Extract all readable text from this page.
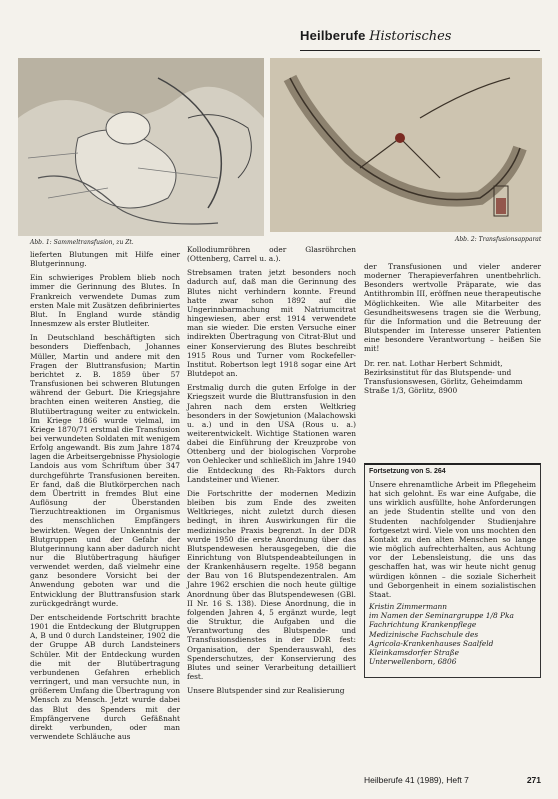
Heilberufe Historisches
Abb. 1: Sammeltransfusion, zu Zt.	Abb. 2: Transfusionsapparat

lieferten Blutungen mit Hilfe einer Blutgerinnung.

Ein schwieriges Problem blieb noch immer die Gerinnung des Blutes. In Frankreich verwendete Dumas zum ersten Male mit Zusätzen defibriniertes Blut. In England wurde ständig Innesmzew als erster Blutleiter.

In Deutschland beschäftigten sich besonders Dieffenbach, Johannes Müller, Martin und andere mit den Fragen der Bluttransfusion; Martin berichtet z. B. 1859 über 57 Transfusionen bei schweren Blutungen während der Geburt. Die Kriegsjahre brachten einen weiteren Anstieg, die Blutübertragung weiter zu entwickeln. Im Kriege 1866 wurde vielmal, im Kriege 1870/71 erstmal die Transfusion bei verwundeten Soldaten mit wenigem Erfolg angewandt. Bis zum Jahre 1874 lagen die Arbeitsergebnisse Physiologie Landois aus vom Schriftum über 347 durchgeführte Transfusionen bereiten. Er fand, daß die Blutkörperchen nach dem Übertritt in fremdes Blut eine Auflösung der Überstanden Tierzuchtreaktionen im Organismus des menschlichen Empfängers bewirkten. Wegen der Unkenntnis der Blutgruppen und der Gefahr der Blutgerinnung kann aber dadurch nicht nur die Blutübertragung häufiger verwendet werden, daß vielmehr eine ganz besondere Vorsicht bei der Anwendung geboten war und die Entwicklung der Bluttransfusion stark zurückgedrängt wurde.

Der entscheidende Fortschritt brachte 1901 die Entdeckung der Blutgruppen A, B und 0 durch Landsteiner, 1902 die der Gruppe AB durch Landsteiners Schüler. Mit der Entdeckung wurden die mit der Blutübertragung verbundenen Gefahren erheblich verringert, und man versuchte nun, in größerem Umfang die Übertragung von Mensch zu Mensch. Jetzt wurde dabei das Blut des Spenders mit der Empfängervene durch Gefäßnaht direkt verbunden, oder man verwendete Schläuche aus

Kollodiumröhren oder Glasröhrchen (Ottenberg, Carrel u. a.).

Strebsamen traten jetzt besonders noch dadurch auf, daß man die Gerinnung des Blutes nicht verhindern konnte. Freund hatte zwar schon 1892 auf die Ungerinnbarmachung mit Natriumcitrat hingewiesen, aber erst 1914 verwendete man sie wieder. Die ersten Versuche einer indirekten Übertragung von Citrat-Blut und einer Konservierung des Blutes beschreibt 1915 Rous und Turner vom Rockefeller-Institut. Robertson legt 1918 sogar eine Art Blutdepot an.

Erstmalig durch die guten Erfolge in der Kriegszeit wurde die Bluttransfusion in den Jahren nach dem ersten Weltkrieg besonders in der Sowjetunion (Malachowski u. a.) und in den USA (Rous u. a.) weiterentwickelt. Wichtige Stationen waren dabei die Einführung der Kreuzprobe von Ottenberg und der biologischen Vorprobe von Oehlecker und schließlich im Jahre 1940 die Entdeckung des Rh-Faktors durch Landsteiner und Wiener.

Die Fortschritte der modernen Medizin bleiben bis zum Ende des zweiten Weltkrieges, nicht zuletzt durch diesen bedingt, in ihren Auswirkungen für die medizinische Praxis begrenzt. In der DDR wurde 1950 die erste Anordnung über das Blutspendewesen herausgegeben, die die Einrichtung von Blutspendeabteilungen in der Krankenhäusern regelte. 1958 begann der Bau von 16 Blutspendezentralen. Am Jahre 1962 erschien die noch heute gültige Anordnung über das Blutspendewesen (GBl. II Nr. 16 S. 138). Diese Anordnung, die in folgenden Jahren 4, 5 ergänzt wurde, legt die Struktur, die Aufgaben und die Verantwortung des Blutspende- und Transfusionsdienstes in der DDR fest: Organisation, der Spenderauswahl, des Spenderschutzes, der Konservierung des Blutes und seiner Verarbeitung detailliert fest.

Unsere Blutspender sind zur Realisierung

der Transfusionen und vieler anderer moderner Therapieverfahren unentbehrlich. Besonders wertvolle Präparate, wie das Antithrombin III, eröffnen neue therapeutische Möglichkeiten. Wie alle Mitarbeiter des Gesundheitswesens tragen sie die Werbung, für die Information und die Betreuung der Blutspender im Interesse unserer Patienten eine besondere Verantwortung – heißen Sie mit!

Dr. rer. nat. Lothar Herbert Schmidt, Bezirksinstitut für das Blutspende- und Transfusionswesen, Görlitz, Geheimdamm Straße 1/3, Görlitz, 8900

Fortsetzung von S. 264
Unsere ehrenamtliche Arbeit im Pflegeheim hat sich gelohnt. Es war eine Aufgabe, die uns wirklich ausfüllte, hohe Anforderungen an jede Studentin stellte und von den Studenten nachfolgender Studienjahre fortgesetzt wird. Viele von uns mochten den Kontakt zu den alten Menschen so lange wie möglich aufrechterhalten, aus Achtung vor der Lebensleistung, die uns das geschaffen hat, was wir heute nicht genug würdigen können – die soziale Sicherheit und Geborgenheit in einem sozialistischen Staat.
Kristin Zimmermann
im Namen der Seminargruppe 1/8 Pka
Fachrichtung Krankenpflege
Medizinische Fachschule des
Agricola-Krankenhauses Saalfeld
Kleinkamsdorfer Straße
Unterwellenborn, 6806
Heilberufe 41 (1989), Heft 7	271
